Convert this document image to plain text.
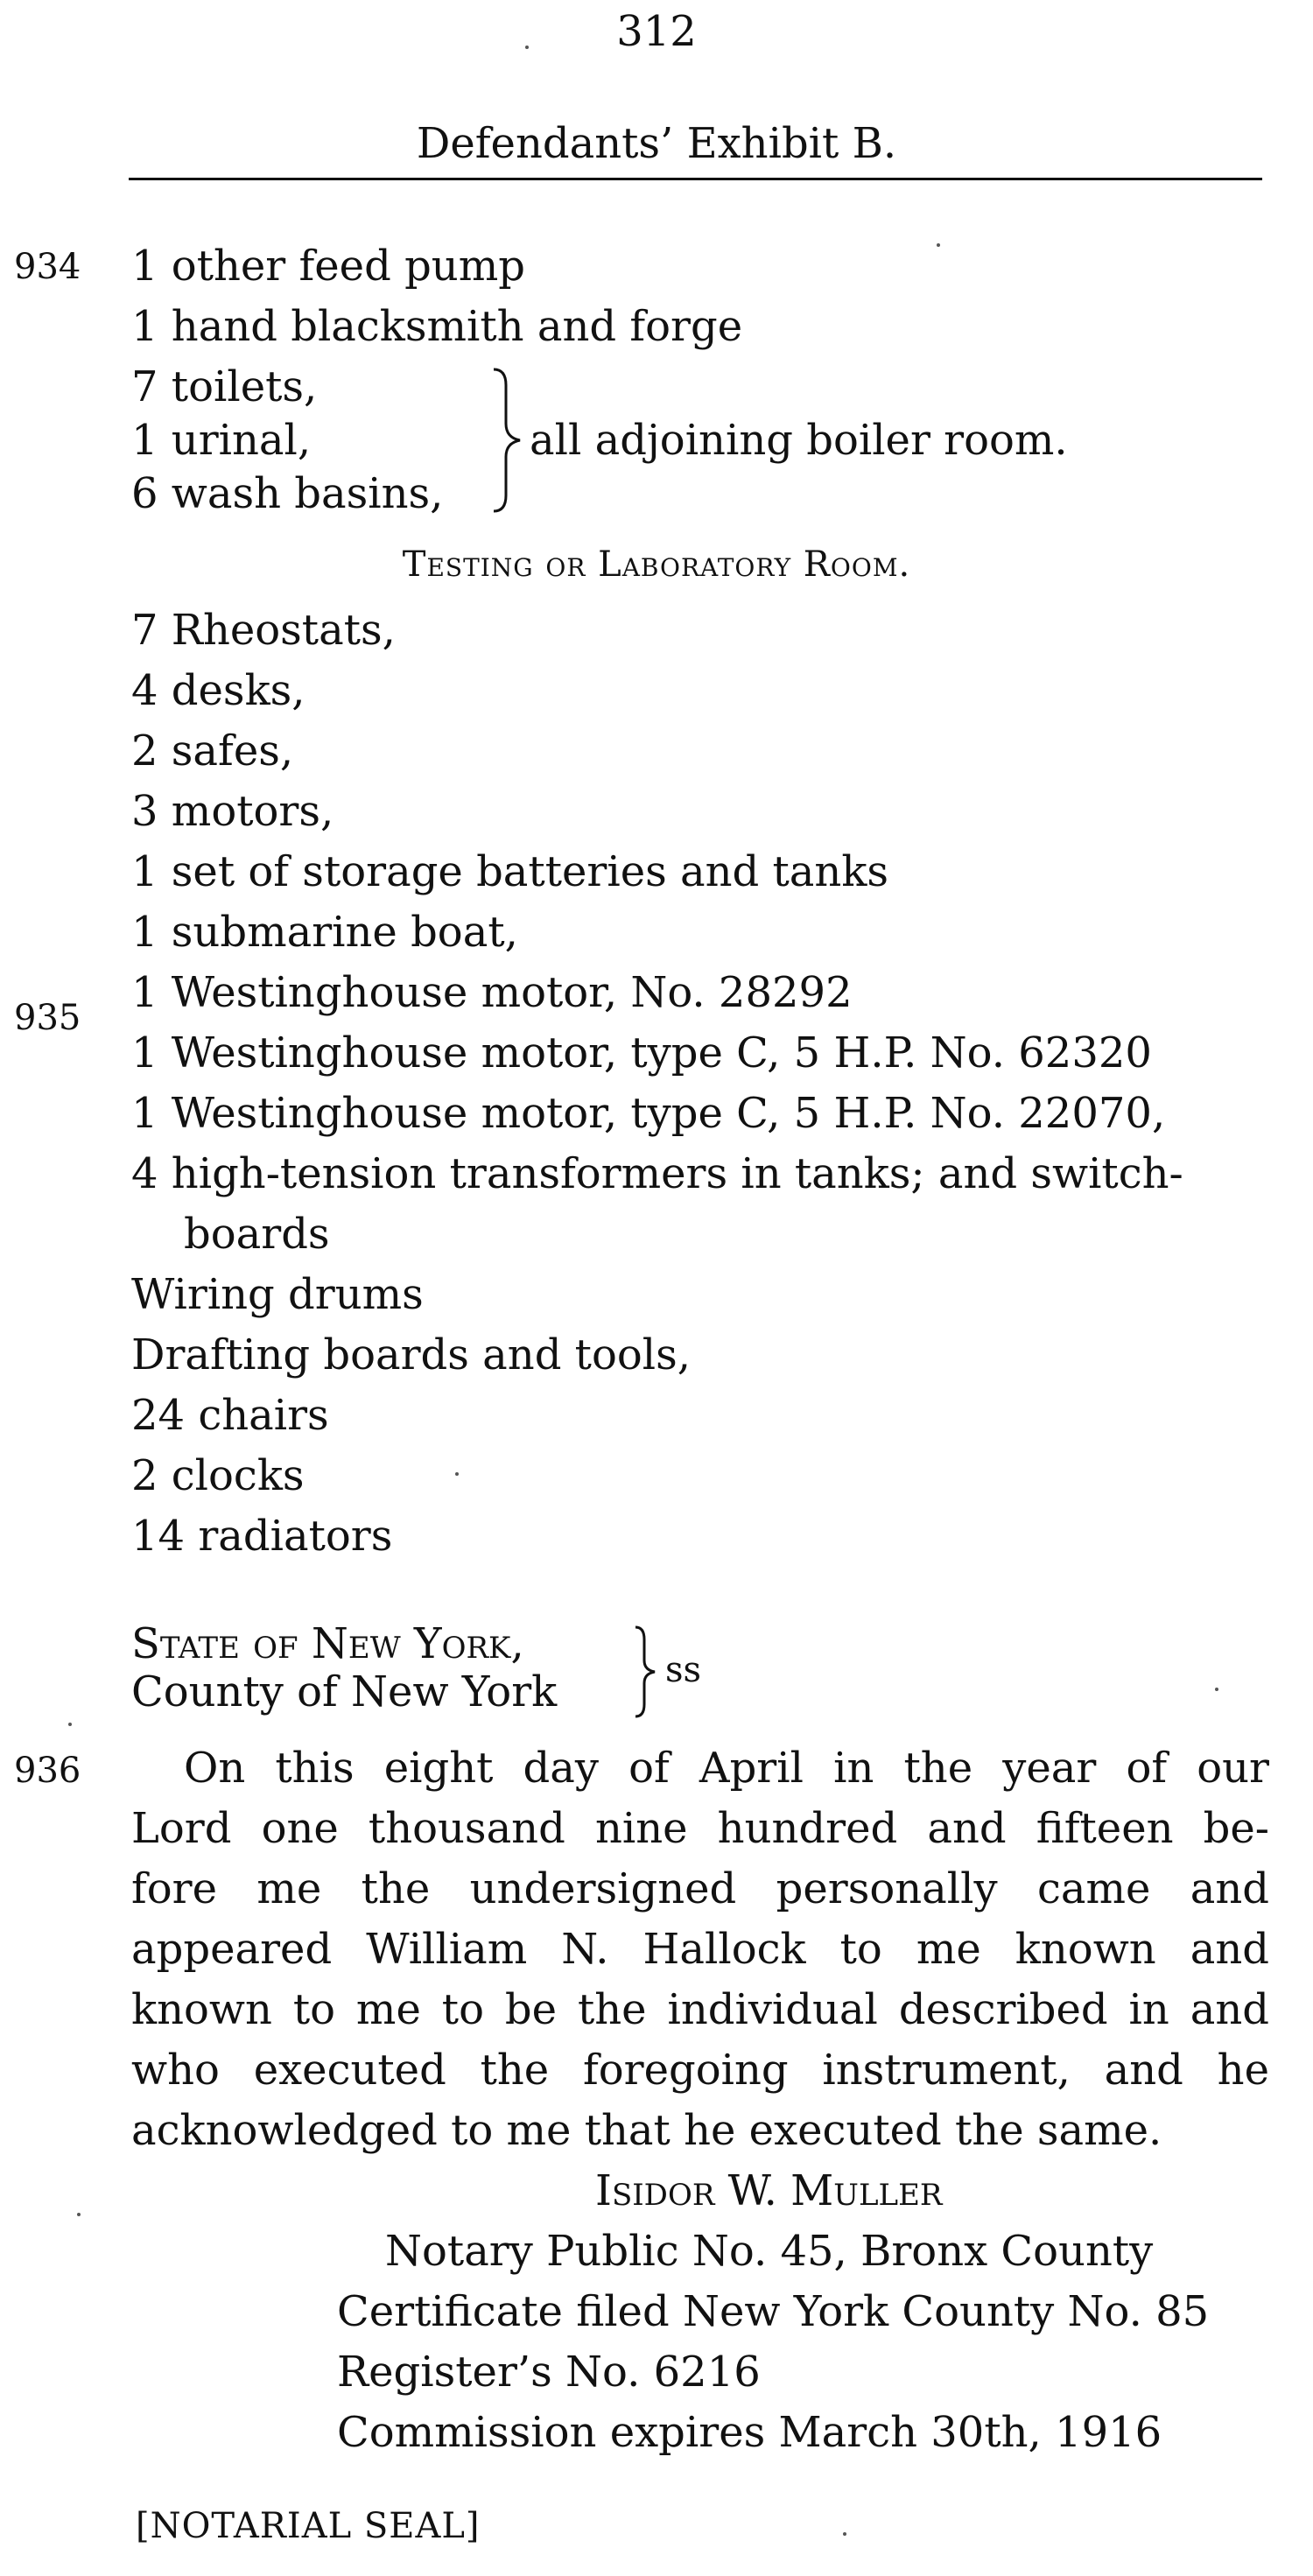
312
Defendants’ Exhibit B.
934
935
936
1 other feed pump
1 hand blacksmith and forge
7 toilets,
1 urinal,
6 wash basins,
all adjoining boiler room.
Testing or Laboratory Room.
7 Rheostats,
4 desks,
2 safes,
3 motors,
1 set of storage batteries and tanks
1 submarine boat,
1 Westinghouse motor, No. 28292
1 Westinghouse motor, type C, 5 H.P. No. 62320
1 Westinghouse motor, type C, 5 H.P. No. 22070,
4 high-tension transformers in tanks; and switch-
boards
Wiring drums
Drafting boards and tools,
24 chairs
2 clocks
14 radiators
State of New York,
County of New York	ss
On this eight day of April in the year of our
Lord one thousand nine hundred and fifteen be-
fore me the undersigned personally came and
appeared William N. Hallock to me known and
known to me to be the individual described in and
who executed the foregoing instrument, and he
acknowledged to me that he executed the same.
Isidor W. Muller
Notary Public No. 45, Bronx County
Certificate filed New York County No. 85
Register’s No. 6216
Commission expires March 30th, 1916
[NOTARIAL SEAL]
